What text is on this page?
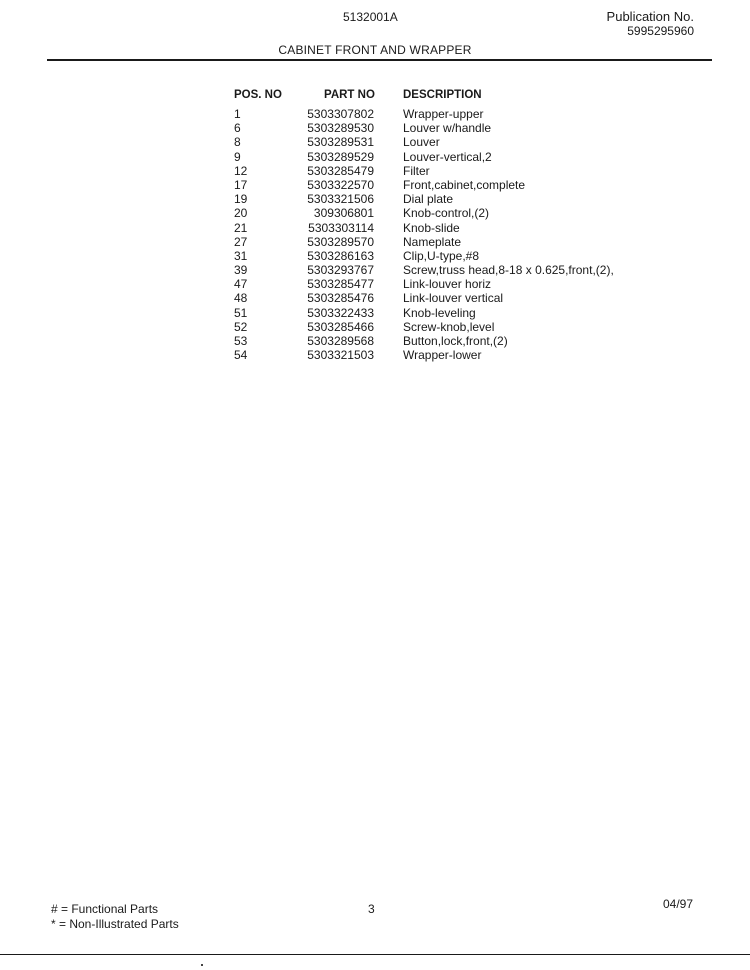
5132001A	Publication No.
5995295960
CABINET FRONT AND WRAPPER
POS. NO	PART NO DESCRIPTION
1	5303307802 Wrapper-upper
6	5303289530 Louver w/handle
8	5303289531 Louver
9	5303289529 Louver-vertical,2
12	5303285479 Filter
17	5303322570 Front,cabinet,complete
19	5303321506 Dial plate
20	309306801 Knob-control,(2)
21	5303303114 Knob-slide
27	5303289570 Nameplate
31	5303286163 Clip,U-type,#8
39	5303293767 Screw,truss head,8-18 x 0.625,front,(2),
47	5303285477 Link-louver horiz
48	5303285476 Link-louver vertical
51	5303322433 Knob-leveling
52	5303285466 Screw-knob,level
53	5303289568 Button,lock,front,(2)
54	5303321503 Wrapper-lower
# = Functional Parts
* = Non-Illustrated Parts
3	04/97
